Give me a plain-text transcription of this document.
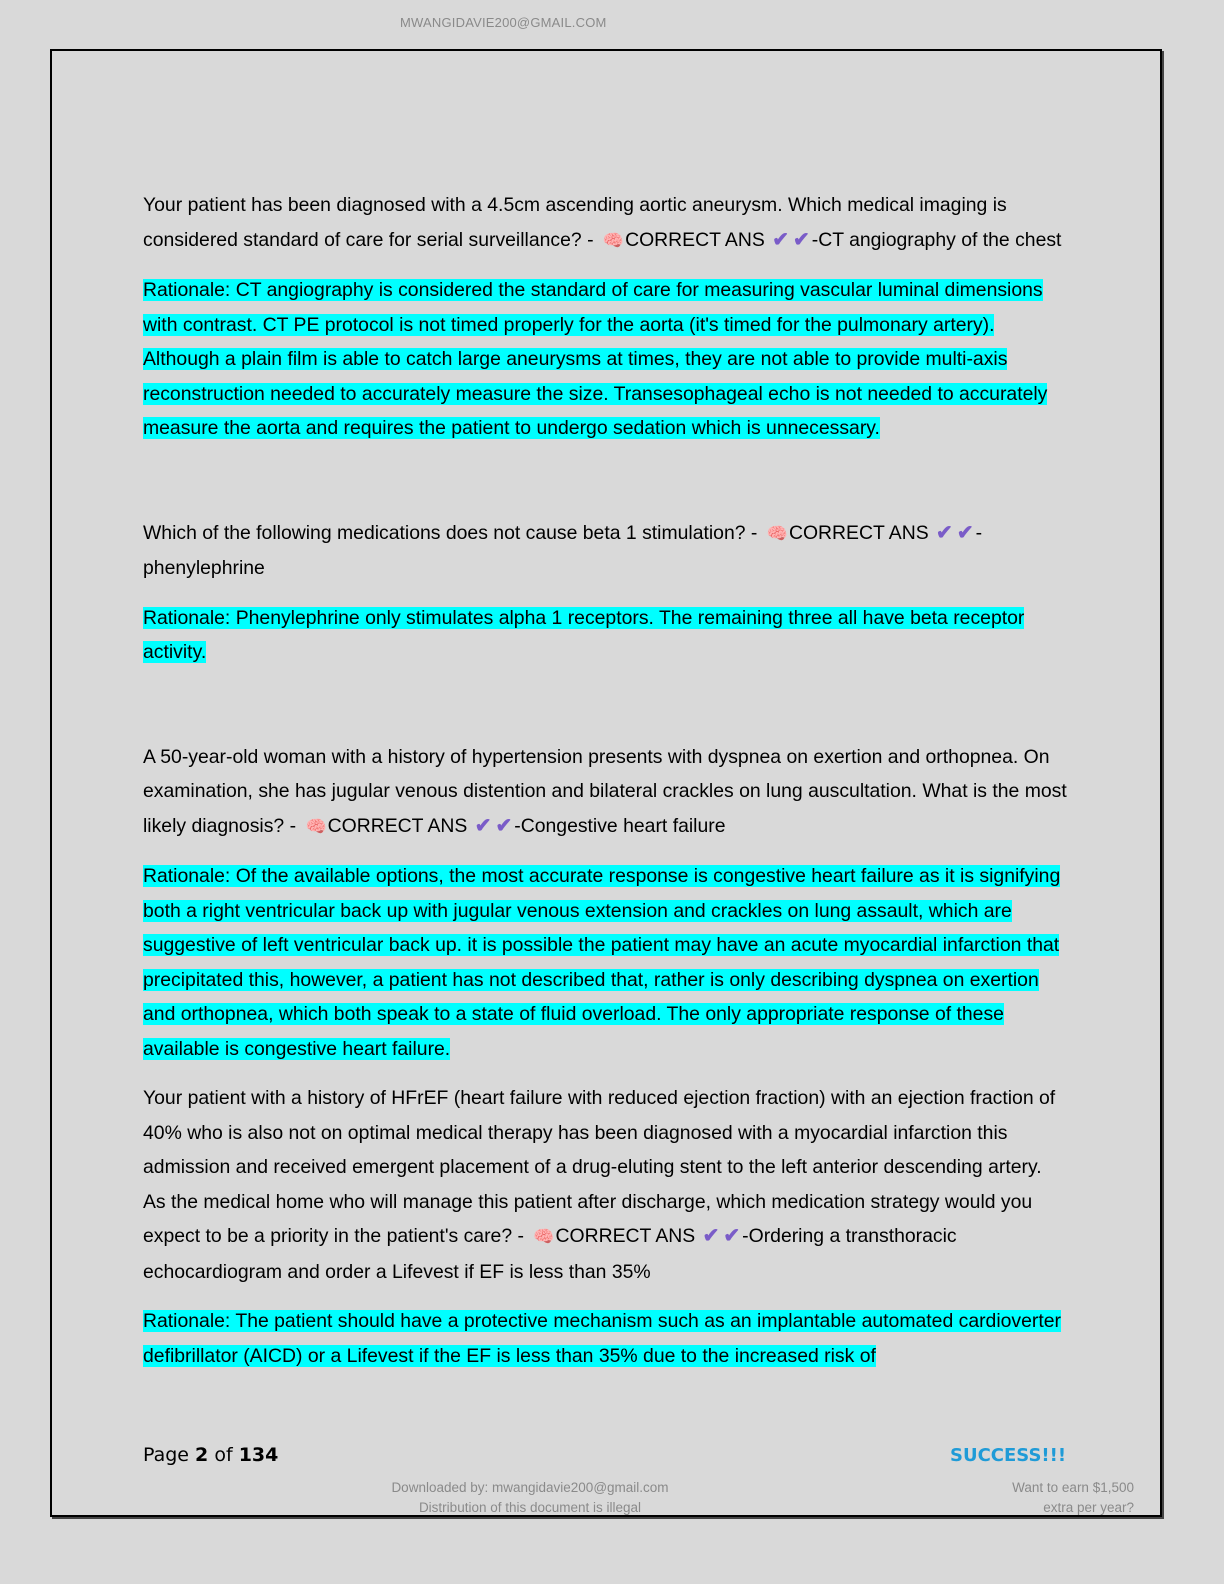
MWANGIDAVIE200@GMAIL.COM

Your patient has been diagnosed with a 4.5cm ascending aortic aneurysm. Which medical imaging is considered standard of care for serial surveillance? - 🧠CORRECT ANS ✔ ✔ -CT angiography of the chest

Rationale: CT angiography is considered the standard of care for measuring vascular luminal dimensions with contrast. CT PE protocol is not timed properly for the aorta (it's timed for the pulmonary artery). Although a plain film is able to catch large aneurysms at times, they are not able to provide multi-axis reconstruction needed to accurately measure the size. Transesophageal echo is not needed to accurately measure the aorta and requires the patient to undergo sedation which is unnecessary.

Which of the following medications does not cause beta 1 stimulation? - 🧠CORRECT ANS ✔ ✔ -phenylephrine

Rationale: Phenylephrine only stimulates alpha 1 receptors. The remaining three all have beta receptor activity.

A 50-year-old woman with a history of hypertension presents with dyspnea on exertion and orthopnea. On examination, she has jugular venous distention and bilateral crackles on lung auscultation. What is the most likely diagnosis? - 🧠CORRECT ANS ✔ ✔ -Congestive heart failure

Rationale: Of the available options, the most accurate response is congestive heart failure as it is signifying both a right ventricular back up with jugular venous extension and crackles on lung assault, which are suggestive of left ventricular back up. it is possible the patient may have an acute myocardial infarction that precipitated this, however, a patient has not described that, rather is only describing dyspnea on exertion and orthopnea, which both speak to a state of fluid overload. The only appropriate response of these available is congestive heart failure.

Your patient with a history of HFrEF (heart failure with reduced ejection fraction) with an ejection fraction of 40% who is also not on optimal medical therapy has been diagnosed with a myocardial infarction this admission and received emergent placement of a drug-eluting stent to the left anterior descending artery. As the medical home who will manage this patient after discharge, which medication strategy would you expect to be a priority in the patient's care? - 🧠CORRECT ANS ✔ ✔ -Ordering a transthoracic echocardiogram and order a Lifevest if EF is less than 35%

Rationale: The patient should have a protective mechanism such as an implantable automated cardioverter defibrillator (AICD) or a Lifevest if the EF is less than 35% due to the increased risk of

Page 2 of 134	SUCCESS!!!
Downloaded by: mwangidavie200@gmail.com
Distribution of this document is illegal
Want to earn $1,500
extra per year?
